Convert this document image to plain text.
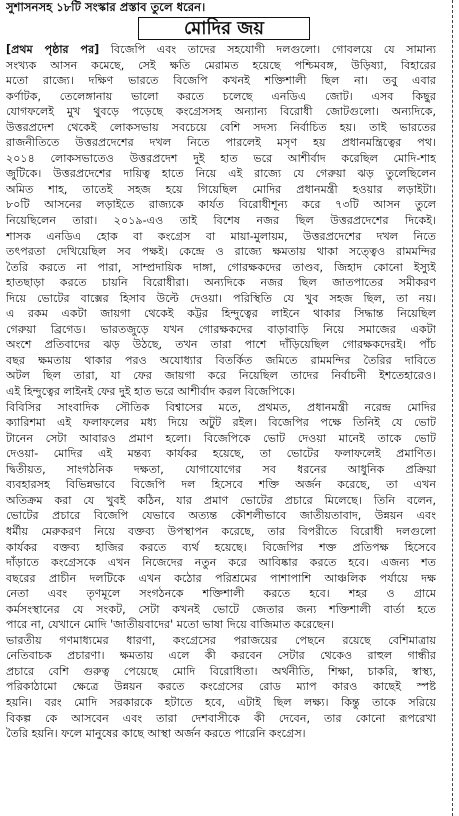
সুশাসনসহ ১৮টি সংস্কার প্রস্তাব তুলে ধরেন।
মোদির জয়
[প্রথম পৃষ্ঠার পর] বিজেপি এবং তাদের সহযোগী দলগুলো। গোবলয়ে যে সামান্য
সংখ্যক আসন কমেছে, সেই ক্ষতি মেরামত হয়েছে পশ্চিমবঙ্গ, উড়িষ্যা, বিহারের
মতো রাজ্যে। দক্ষিণ ভারতে বিজেপি কখনই শক্তিশালী ছিল না। তবু এবার
কর্ণাটক, তেলেঙ্গানায় ভালো করতে চলেছে এনডিএ জোট। এসব কিছুর
যোগফলেই মুখ থুবড়ে পড়েছে কংগ্রেসসহ অন্যান্য বিরোধী জোটগুলো। অন্যদিকে,
উত্তরপ্রদেশ থেকেই লোকসভায় সবচেয়ে বেশি সদস্য নির্বাচিত হয়। তাই ভারতের
রাজনীতিতে উত্তরপ্রদেশের দখল নিতে পারলেই মসৃণ হয় প্রধানমন্ত্রিত্বের পথ।
২০১৪ লোকসভাতেও উত্তরপ্রদেশ দুই হাত ভরে আশীর্বাদ করেছিল মোদি-শাহ
জুটিকে। উত্তরপ্রদেশের দায়িত্ব হাতে নিয়ে এই রাজ্যে যে গেরুয়া ঝড় তুলেছিলেন
অমিত শাহ, তাতেই সহজ হয়ে গিয়েছিল মোদির প্রধানমন্ত্রী হওয়ার লড়াইটা।
৮০টি আসনের লড়াইতে রাজ্যকে কার্যত বিরোধীশূন্য করে ৭৩টি আসন তুলে
নিয়েছিলেন তারা। ২০১৯-এও তাই বিশেষ নজর ছিল উত্তরপ্রদেশের দিকেই।
শাসক এনডিএ হোক বা কংগ্রেস বা মায়া-মুলায়ম, উত্তরপ্রদেশের দখল নিতে
তৎপরতা দেখিয়েছিল সব পক্ষই। কেন্দ্রে ও রাজ্যে ক্ষমতায় থাকা সত্ত্বেও রামমন্দির
তৈরি করতে না পারা, সাম্প্রদায়িক দাঙ্গা, গোরক্ষকদের তাণ্ডব, জিহাদ কোনো ইস্যুই
হাতছাড়া করতে চায়নি বিরোধীরা। অন্যদিকে নজর ছিল জাতপাতের সমীকরণ
দিয়ে ভোটের বাক্সের হিসাব উল্টে দেওয়া। পরিস্থিতি যে খুব সহজ ছিল, তা নয়।
এ রকম একটা জায়গা থেকেই কট্টর হিন্দুত্বের লাইনে থাকার সিদ্ধান্ত নিয়েছিল
গেরুয়া ব্রিগেড। ভারতজুড়ে যখন গোরক্ষকদের বাড়াবাড়ি নিয়ে সমাজের একটা
অংশে প্রতিবাদের ঝড় উঠছে, তখন তারা পাশে দাঁড়িয়েছিল গোরক্ষকদেরই। পাঁচ
বছর ক্ষমতায় থাকার পরও অযোধ্যার বিতর্কিত জমিতে রামমন্দির তৈরির দাবিতে
অটল ছিল তারা, যা ফের জায়গা করে নিয়েছিল তাদের নির্বাচনী ইশতেহারেও।
এই হিন্দুত্বের লাইনই ফের দুই হাত ভরে আশীর্বাদ করল বিজেপিকে।
বিবিসির সাংবাদিক সৌতিক বিশ্বাসের মতে, প্রথমত, প্রধানমন্ত্রী নরেন্দ্র মোদির
ক্যারিশমা এই ফলাফলের মধ্য দিয়ে অটুট রইল। বিজেপির পক্ষে তিনিই যে ভোট
টানেন সেটা আবারও প্রমাণ হলো। বিজেপিকে ভোট দেওয়া মানেই তাকে ভোট
দেওয়া- মোদির এই মন্তব্য কার্যকর হয়েছে, তা ভোটের ফলাফলেই প্রমাণিত।
দ্বিতীয়ত, সাংগঠনিক দক্ষতা, যোগাযোগের সব ধরনের আধুনিক প্রক্রিয়া
ব্যবহারসহ বিভিন্নভাবে বিজেপি দল হিসেবে শক্তি অর্জন করেছে, তা এখন
অতিক্রম করা যে খুবই কঠিন, যার প্রমাণ ভোটের প্রচারে মিলেছে। তিনি বলেন,
ভোটের প্রচারে বিজেপি যেভাবে অত্যন্ত কৌশলীভাবে জাতীয়তাবাদ, উন্নয়ন এবং
ধর্মীয় মেরুকরণ নিয়ে বক্তব্য উপস্থাপন করেছে, তার বিপরীতে বিরোধী দলগুলো
কার্যকর বক্তব্য হাজির করতে ব্যর্থ হয়েছে। বিজেপির শক্ত প্রতিপক্ষ হিসেবে
দাঁড়াতে কংগ্রেসকে এখন নিজেদের নতুন করে আবিষ্কার করতে হবে। এজন্য শত
বছরের প্রাচীন দলটিকে এখন কঠোর পরিশ্রমের পাশাপাশি আঞ্চলিক পর্যায়ে দক্ষ
নেতা এবং তৃণমূলে সংগঠনকে শক্তিশালী করতে হবে। শহর ও গ্রামে
কর্মসংস্থানের যে সংকট, সেটা কখনই ভোটে জেতার জন্য শক্তিশালী বার্তা হতে
পারে না, যেখানে মোদি 'জাতীয়বাদের' মতো ভাষা দিয়ে বাজিমাত করেছেন।
ভারতীয় গণমাধ্যমের ধারণা, কংগ্রেসের পরাজয়ের পেছনে রয়েছে বেশিমাত্রায়
নেতিবাচক প্রচারণা। ক্ষমতায় এলে কী করবেন সেটার থেকেও রাহুল গান্ধীর
প্রচারে বেশি গুরুত্ব পেয়েছে মোদি বিরোধিতা। অর্থনীতি, শিক্ষা, চাকরি, স্বাস্থ্য,
পরিকাঠামো ক্ষেত্রে উন্নয়ন করতে কংগ্রেসের রোড ম্যাপ কারও কাছেই স্পষ্ট
হয়নি। বরং মোদি সরকারকে হটাতে হবে, এটাই ছিল লক্ষ্য। কিন্তু তাকে সরিয়ে
বিকল্প কে আসবেন এবং তারা দেশবাসীকে কী দেবেন, তার কোনো রূপরেখা
তৈরি হয়নি। ফলে মানুষের কাছে আস্থা অর্জন করতে পারেনি কংগ্রেস।
